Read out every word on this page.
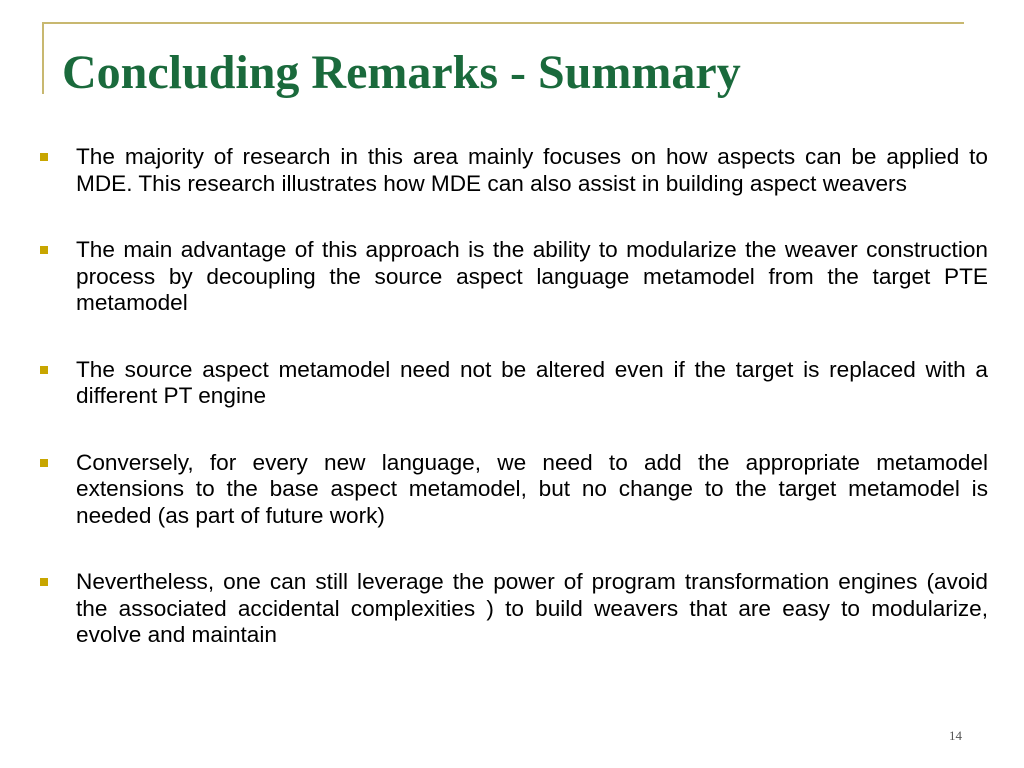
Concluding Remarks - Summary
The majority of research in this area mainly focuses on how aspects can be applied to MDE. This research illustrates how MDE can also assist in building aspect weavers
The main advantage of this approach is the ability to modularize the weaver construction process by decoupling the source aspect language metamodel from the target PTE metamodel
The source aspect metamodel need not be altered even if the target is replaced with a different PT engine
Conversely, for every new language, we need to add the appropriate metamodel extensions to the base aspect metamodel, but no change to the target metamodel is needed (as part of future work)
Nevertheless, one can still leverage the power of program transformation engines (avoid the associated accidental complexities ) to build weavers that are easy to modularize, evolve and maintain
14
